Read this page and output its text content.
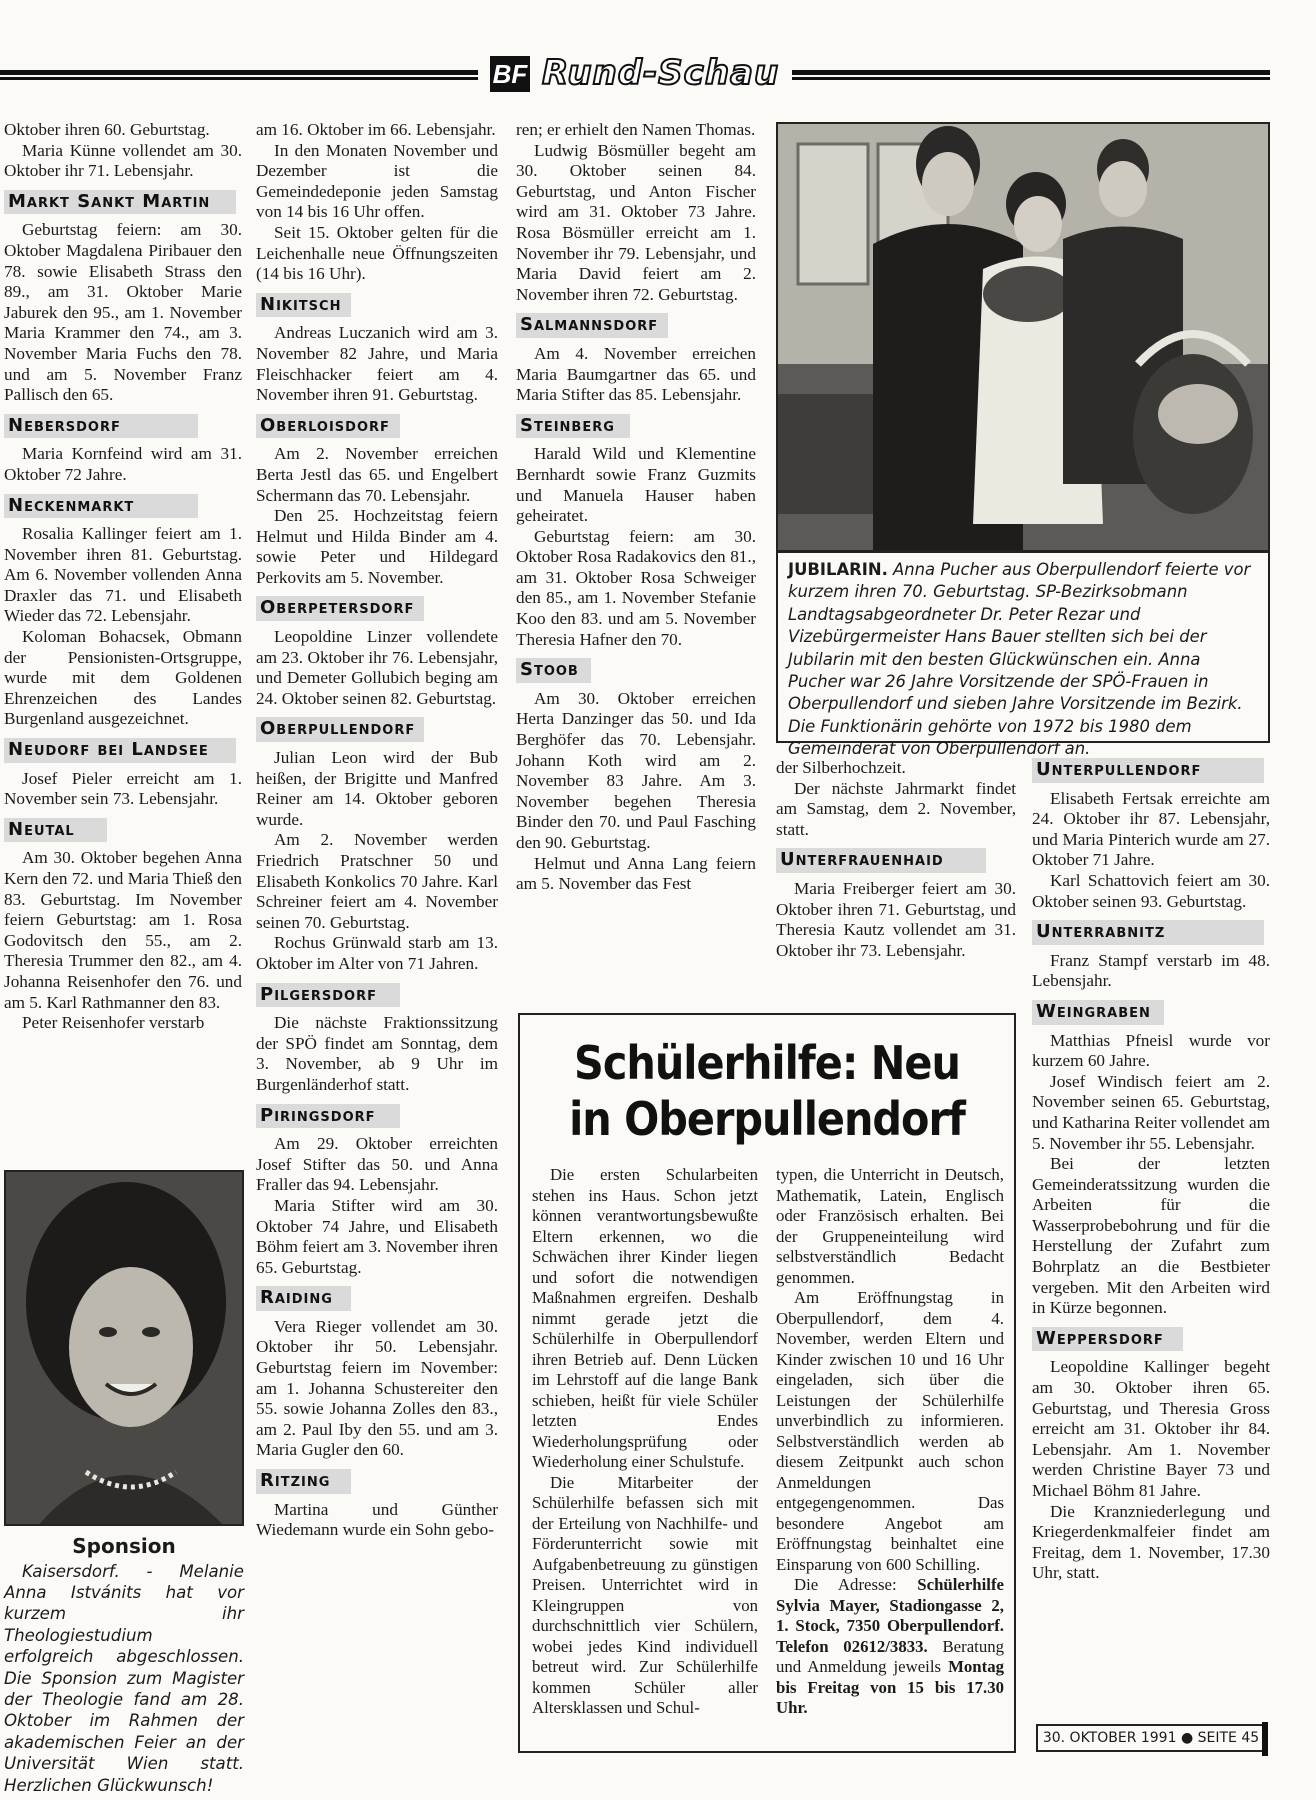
BF Rund-Schau

Oktober ihren 60. Geburtstag.

Maria Künne vollendet am 30. Oktober ihr 71. Lebensjahr.

Markt Sankt Martin

Geburtstag feiern: am 30. Oktober Magdalena Piribauer den 78. sowie Elisabeth Strass den 89., am 31. Oktober Marie Jaburek den 95., am 1. November Maria Krammer den 74., am 3. November Maria Fuchs den 78. und am 5. November Franz Pallisch den 65.

Nebersdorf

Maria Kornfeind wird am 31. Oktober 72 Jahre.

Neckenmarkt

Rosalia Kallinger feiert am 1. November ihren 81. Geburtstag. Am 6. November vollenden Anna Draxler das 71. und Elisabeth Wieder das 72. Lebensjahr.

Koloman Bohacsek, Obmann der Pensionisten-Ortsgruppe, wurde mit dem Goldenen Ehrenzeichen des Landes Burgenland ausgezeichnet.

Neudorf bei Landsee

Josef Pieler erreicht am 1. November sein 73. Lebensjahr.

Neutal

Am 30. Oktober begehen Anna Kern den 72. und Maria Thieß den 83. Geburtstag. Im November feiern Geburtstag: am 1. Rosa Godovitsch den 55., am 2. Theresia Trummer den 82., am 4. Johanna Reisenhofer den 76. und am 5. Karl Rathmanner den 83.

Peter Reisenhofer verstarb

Sponsion
Kaisersdorf. - Melanie Anna Istvánits hat vor kurzem ihr Theologiestudium erfolgreich abgeschlossen. Die Sponsion zum Magister der Theologie fand am 28. Oktober im Rahmen der akademischen Feier an der Universität Wien statt. Herzlichen Glückwunsch!

am 16. Oktober im 66. Lebensjahr.

In den Monaten November und Dezember ist die Gemeindedeponie jeden Samstag von 14 bis 16 Uhr offen.

Seit 15. Oktober gelten für die Leichenhalle neue Öffnungszeiten (14 bis 16 Uhr).

Nikitsch

Andreas Luczanich wird am 3. November 82 Jahre, und Maria Fleischhacker feiert am 4. November ihren 91. Geburtstag.

Oberloisdorf

Am 2. November erreichen Berta Jestl das 65. und Engelbert Schermann das 70. Lebensjahr.

Den 25. Hochzeitstag feiern Helmut und Hilda Binder am 4. sowie Peter und Hildegard Perkovits am 5. November.

Oberpetersdorf

Leopoldine Linzer vollendete am 23. Oktober ihr 76. Lebensjahr, und Demeter Gollubich beging am 24. Oktober seinen 82. Geburtstag.

Oberpullendorf

Julian Leon wird der Bub heißen, der Brigitte und Manfred Reiner am 14. Oktober geboren wurde.

Am 2. November werden Friedrich Pratschner 50 und Elisabeth Konkolics 70 Jahre. Karl Schreiner feiert am 4. November seinen 70. Geburtstag.

Rochus Grünwald starb am 13. Oktober im Alter von 71 Jahren.

Pilgersdorf

Die nächste Fraktionssitzung der SPÖ findet am Sonntag, dem 3. November, ab 9 Uhr im Burgenländerhof statt.

Piringsdorf

Am 29. Oktober erreichten Josef Stifter das 50. und Anna Fraller das 94. Lebensjahr.

Maria Stifter wird am 30. Oktober 74 Jahre, und Elisabeth Böhm feiert am 3. November ihren 65. Geburtstag.

Raiding

Vera Rieger vollendet am 30. Oktober ihr 50. Lebensjahr. Geburtstag feiern im November: am 1. Johanna Schustereiter den 55. sowie Johanna Zolles den 83., am 2. Paul Iby den 55. und am 3. Maria Gugler den 60.

Ritzing

Martina und Günther Wiedemann wurde ein Sohn gebo-

ren; er erhielt den Namen Thomas.

Ludwig Bösmüller begeht am 30. Oktober seinen 84. Geburtstag, und Anton Fischer wird am 31. Oktober 73 Jahre. Rosa Bösmüller erreicht am 1. November ihr 79. Lebensjahr, und Maria David feiert am 2. November ihren 72. Geburtstag.

Salmannsdorf

Am 4. November erreichen Maria Baumgartner das 65. und Maria Stifter das 85. Lebensjahr.

Steinberg

Harald Wild und Klementine Bernhardt sowie Franz Guzmits und Manuela Hauser haben geheiratet.

Geburtstag feiern: am 30. Oktober Rosa Radakovics den 81., am 31. Oktober Rosa Schweiger den 85., am 1. November Stefanie Koo den 83. und am 5. November Theresia Hafner den 70.

Stoob

Am 30. Oktober erreichen Herta Danzinger das 50. und Ida Berghöfer das 70. Lebensjahr. Johann Koth wird am 2. November 83 Jahre. Am 3. November begehen Theresia Binder den 70. und Paul Fasching den 90. Geburtstag.

Helmut und Anna Lang feiern am 5. November das Fest

JUBILARIN. Anna Pucher aus Oberpullendorf feierte vor kurzem ihren 70. Geburtstag. SP-Bezirksobmann Landtagsabgeordneter Dr. Peter Rezar und Vizebürgermeister Hans Bauer stellten sich bei der Jubilarin mit den besten Glückwünschen ein. Anna Pucher war 26 Jahre Vorsitzende der SPÖ-Frauen in Oberpullendorf und sieben Jahre Vorsitzende im Bezirk. Die Funktionärin gehörte von 1972 bis 1980 dem Gemeinderat von Oberpullendorf an.

der Silberhochzeit.

Der nächste Jahrmarkt findet am Samstag, dem 2. November, statt.

Unterfrauenhaid

Maria Freiberger feiert am 30. Oktober ihren 71. Geburtstag, und Theresia Kautz vollendet am 31. Oktober ihr 73. Lebensjahr.

Unterpullendorf

Elisabeth Fertsak erreichte am 24. Oktober ihr 87. Lebensjahr, und Maria Pinterich wurde am 27. Oktober 71 Jahre.

Karl Schattovich feiert am 30. Oktober seinen 93. Geburtstag.

Unterrabnitz

Franz Stampf verstarb im 48. Lebensjahr.

Weingraben

Matthias Pfneisl wurde vor kurzem 60 Jahre.

Josef Windisch feiert am 2. November seinen 65. Geburtstag, und Katharina Reiter vollendet am 5. November ihr 55. Lebensjahr.

Bei der letzten Gemeinderatssitzung wurden die Arbeiten für die Wasserprobebohrung und für die Herstellung der Zufahrt zum Bohrplatz an die Bestbieter vergeben. Mit den Arbeiten wird in Kürze begonnen.

Weppersdorf

Leopoldine Kallinger begeht am 30. Oktober ihren 65. Geburtstag, und Theresia Gross erreicht am 31. Oktober ihr 84. Lebensjahr. Am 1. November werden Christine Bayer 73 und Michael Böhm 81 Jahre.

Die Kranzniederlegung und Kriegerdenkmalfeier findet am Freitag, dem 1. November, 17.30 Uhr, statt.

Schülerhilfe: Neu
in Oberpullendorf

Die ersten Schularbeiten stehen ins Haus. Schon jetzt können verantwortungsbewußte Eltern erkennen, wo die Schwächen ihrer Kinder liegen und sofort die notwendigen Maßnahmen ergreifen. Deshalb nimmt gerade jetzt die Schülerhilfe in Oberpullendorf ihren Betrieb auf. Denn Lücken im Lehrstoff auf die lange Bank schieben, heißt für viele Schüler letzten Endes Wiederholungsprüfung oder Wiederholung einer Schulstufe.

Die Mitarbeiter der Schülerhilfe befassen sich mit der Erteilung von Nachhilfe- und Förderunterricht sowie mit Aufgabenbetreuung zu günstigen Preisen. Unterrichtet wird in Kleingruppen von durchschnittlich vier Schülern, wobei jedes Kind individuell betreut wird. Zur Schülerhilfe kommen Schüler aller Altersklassen und Schul-

typen, die Unterricht in Deutsch, Mathematik, Latein, Englisch oder Französisch erhalten. Bei der Gruppeneinteilung wird selbstverständlich Bedacht genommen.

Am Eröffnungstag in Oberpullendorf, dem 4. November, werden Eltern und Kinder zwischen 10 und 16 Uhr eingeladen, sich über die Leistungen der Schülerhilfe unverbindlich zu informieren. Selbstverständlich werden ab diesem Zeitpunkt auch schon Anmeldungen entgegengenommen. Das besondere Angebot am Eröffnungstag beinhaltet eine Einsparung von 600 Schilling.

Die Adresse: Schülerhilfe Sylvia Mayer, Stadiongasse 2, 1. Stock, 7350 Oberpullendorf. Telefon 02612/3833. Beratung und Anmeldung jeweils Montag bis Freitag von 15 bis 17.30 Uhr.

30. OKTOBER 1991 ● SEITE 45
